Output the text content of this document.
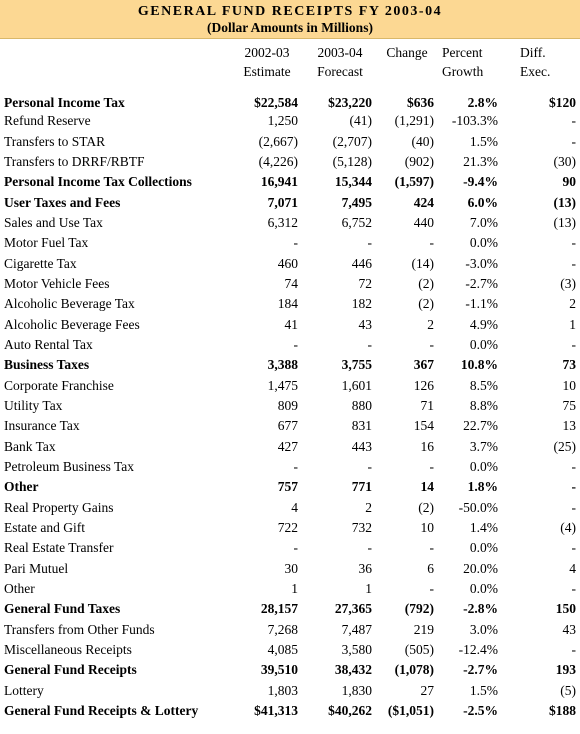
GENERAL FUND RECEIPTS FY 2003-04
(Dollar Amounts in Millions)
	2002-03	2003-04	Change	Percent	Diff.
	Estimate	Forecast		Growth	Exec.
Personal Income Tax	$22,584	$23,220	$636	2.8%	$120
Refund Reserve	1,250	(41)	(1,291)	-103.3%	-
Transfers to STAR	(2,667)	(2,707)	(40)	1.5%	-
Transfers to DRRF/RBTF	(4,226)	(5,128)	(902)	21.3%	(30)
Personal Income Tax Collections	16,941	15,344	(1,597)	-9.4%	90
User Taxes and Fees	7,071	7,495	424	6.0%	(13)
Sales and Use Tax	6,312	6,752	440	7.0%	(13)
Motor Fuel Tax	-	-	-	0.0%	-
Cigarette Tax	460	446	(14)	-3.0%	-
Motor Vehicle Fees	74	72	(2)	-2.7%	(3)
Alcoholic Beverage Tax	184	182	(2)	-1.1%	2
Alcoholic Beverage Fees	41	43	2	4.9%	1
Auto Rental Tax	-	-	-	0.0%	-
Business Taxes	3,388	3,755	367	10.8%	73
Corporate Franchise	1,475	1,601	126	8.5%	10
Utility Tax	809	880	71	8.8%	75
Insurance Tax	677	831	154	22.7%	13
Bank Tax	427	443	16	3.7%	(25)
Petroleum Business Tax	-	-	-	0.0%	-
Other	757	771	14	1.8%	-
Real Property Gains	4	2	(2)	-50.0%	-
Estate and Gift	722	732	10	1.4%	(4)
Real Estate Transfer	-	-	-	0.0%	-
Pari Mutuel	30	36	6	20.0%	4
Other	1	1	-	0.0%	-
General Fund Taxes	28,157	27,365	(792)	-2.8%	150
Transfers from Other Funds	7,268	7,487	219	3.0%	43
Miscellaneous Receipts	4,085	3,580	(505)	-12.4%	-
General Fund Receipts	39,510	38,432	(1,078)	-2.7%	193
Lottery	1,803	1,830	27	1.5%	(5)
General Fund Receipts & Lottery	$41,313	$40,262	($1,051)	-2.5%	$188
